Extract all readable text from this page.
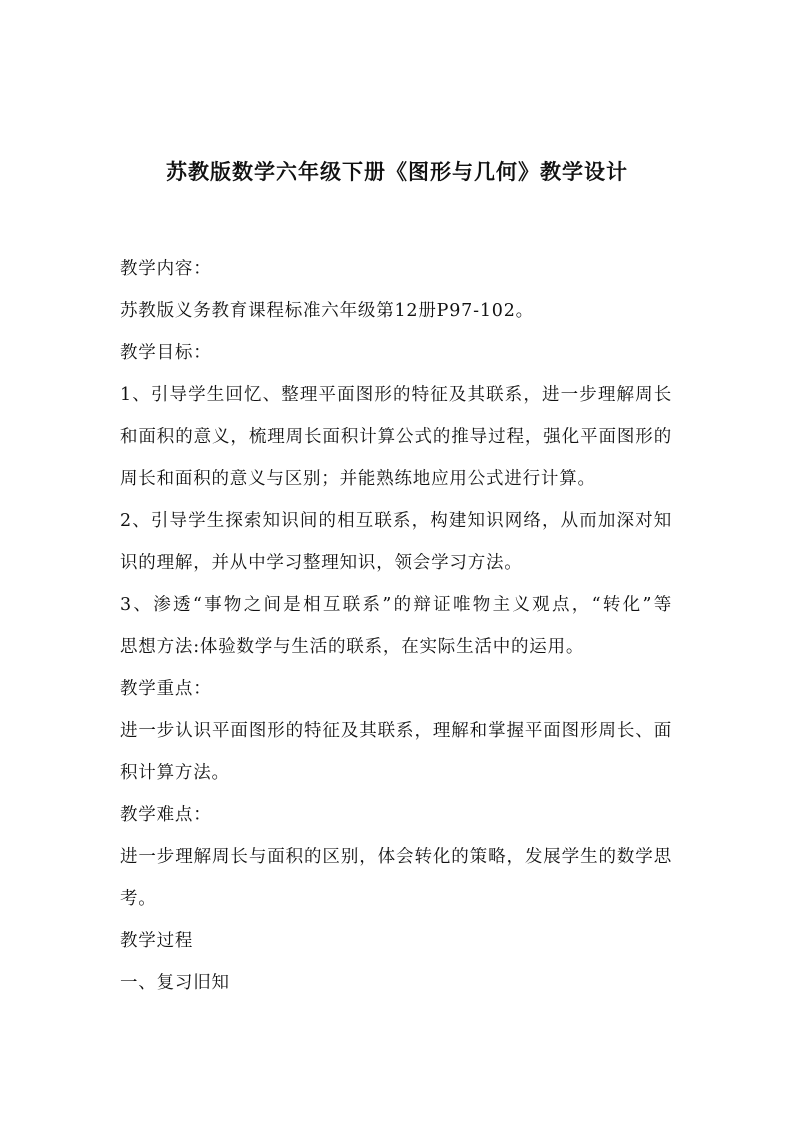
苏教版数学六年级下册《图形与几何》教学设计
教学内容：
苏教版义务教育课程标准六年级第12册P97-102。
教学目标：
1、引导学生回忆、整理平面图形的特征及其联系，进一步理解周长
和面积的意义，梳理周长面积计算公式的推导过程，强化平面图形的
周长和面积的意义与区别；并能熟练地应用公式进行计算。
2、引导学生探索知识间的相互联系，构建知识网络，从而加深对知
识的理解，并从中学习整理知识，领会学习方法。
3、渗透“事物之间是相互联系”的辩证唯物主义观点，“转化”等
思想方法:体验数学与生活的联系，在实际生活中的运用。
教学重点：
进一步认识平面图形的特征及其联系，理解和掌握平面图形周长、面
积计算方法。
教学难点：
进一步理解周长与面积的区别，体会转化的策略，发展学生的数学思
考。
教学过程
一、复习旧知
